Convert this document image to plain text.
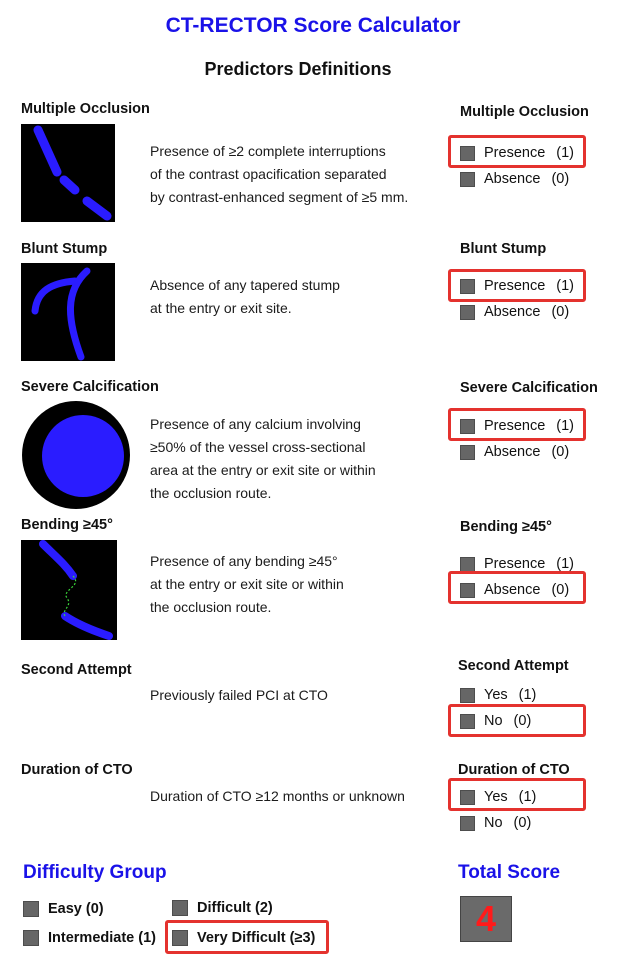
CT-RECTOR Score Calculator
Predictors Definitions
Multiple Occlusion
Presence of ≥2 complete interruptions
of the contrast opacification separated
by contrast-enhanced segment of ≥5 mm.
Multiple Occlusion
Presence (1)
Absence (0)
Blunt Stump
Absence of any tapered stump
at the entry or exit site.
Blunt Stump
Presence (1)
Absence (0)
Severe Calcification
Presence of any calcium involving
≥50% of the vessel cross-sectional
area at the entry or exit site or within
the occlusion route.
Severe Calcification
Presence (1)
Absence (0)
Bending ≥45°
Presence of any bending ≥45°
at the entry or exit site or within
the occlusion route.
Bending ≥45°
Presence (1)
Absence (0)
Second Attempt
Previously failed PCI at CTO
Second Attempt
Yes (1)
No (0)
Duration of CTO
Duration of CTO ≥12 months or unknown
Duration of CTO
Yes (1)
No (0)
Difficulty Group
Easy (0)	Difficult (2)
Intermediate (1)	Very Difficult (≥3)
Total Score
4
